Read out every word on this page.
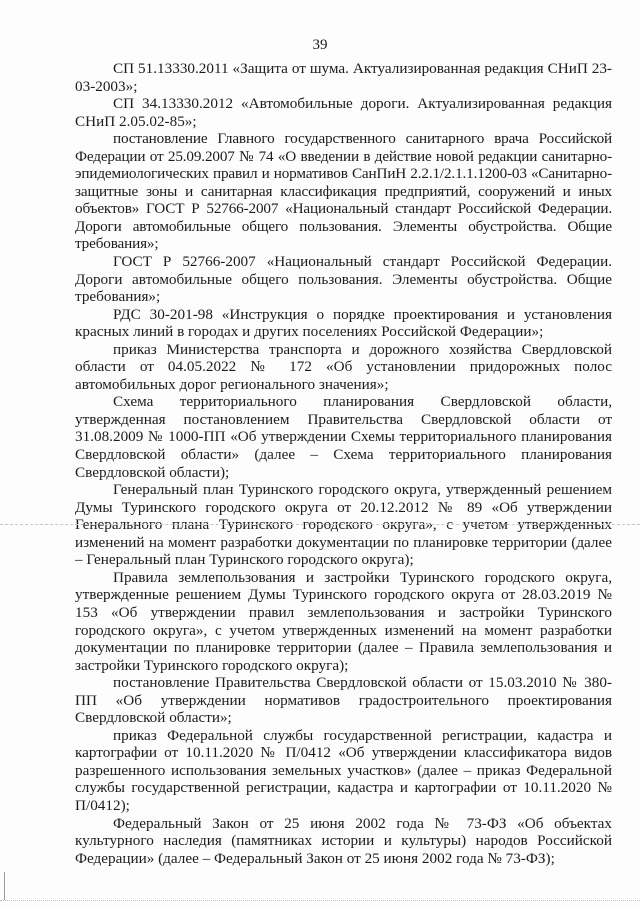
39

СП 51.13330.2011 «Защита от шума. Актуализированная редакция СНиП 23-03-2003»;

СП 34.13330.2012 «Автомобильные дороги. Актуализированная редакция СНиП 2.05.02-85»;

постановление Главного государственного санитарного врача Российской Федерации от 25.09.2007 № 74 «О введении в действие новой редакции санитарно-эпидемиологических правил и нормативов СанПиН 2.2.1/2.1.1.1200-03 «Санитарно-защитные зоны и санитарная классификация предприятий, сооружений и иных объектов» ГОСТ Р 52766-2007 «Национальный стандарт Российской Федерации. Дороги автомобильные общего пользования. Элементы обустройства. Общие требования»;

ГОСТ Р 52766-2007 «Национальный стандарт Российской Федерации. Дороги автомобильные общего пользования. Элементы обустройства. Общие требования»;

РДС 30-201-98 «Инструкция о порядке проектирования и установления красных линий в городах и других поселениях Российской Федерации»;

приказ Министерства транспорта и дорожного хозяйства Свердловской области от 04.05.2022 № 172 «Об установлении придорожных полос автомобильных дорог регионального значения»;

Схема территориального планирования Свердловской области, утвержденная постановлением Правительства Свердловской области от 31.08.2009 № 1000-ПП «Об утверждении Схемы территориального планирования Свердловской области» (далее – Схема территориального планирования Свердловской области);

Генеральный план Туринского городского округа, утвержденный решением Думы Туринского городского округа от 20.12.2012 № 89 «Об утверждении Генерального плана Туринского городского округа», с учетом утвержденных изменений на момент разработки документации по планировке территории (далее – Генеральный план Туринского городского округа);

Правила землепользования и застройки Туринского городского округа, утвержденные решением Думы Туринского городского округа от 28.03.2019 № 153 «Об утверждении правил землепользования и застройки Туринского городского округа», с учетом утвержденных изменений на момент разработки документации по планировке территории (далее – Правила землепользования и застройки Туринского городского округа);

постановление Правительства Свердловской области от 15.03.2010 № 380-ПП «Об утверждении нормативов градостроительного проектирования Свердловской области»;

приказ Федеральной службы государственной регистрации, кадастра и картографии от 10.11.2020 № П/0412 «Об утверждении классификатора видов разрешенного использования земельных участков» (далее – приказ Федеральной службы государственной регистрации, кадастра и картографии от 10.11.2020 № П/0412);

Федеральный Закон от 25 июня 2002 года № 73-ФЗ «Об объектах культурного наследия (памятниках истории и культуры) народов Российской Федерации» (далее – Федеральный Закон от 25 июня 2002 года № 73-ФЗ);
